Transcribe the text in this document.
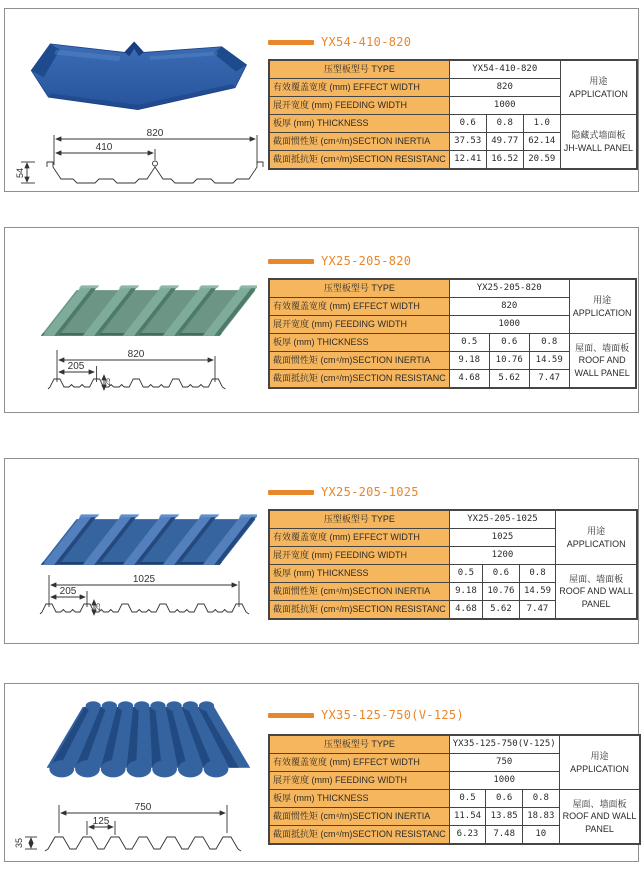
820
410
54
YX54-410-820
压型板型号 TYPE	YX54-410-820			用途
APPLICATION

有效覆盖宽度 (mm) EFFECT WIDTH	820			
展开宽度 (mm) FEEDING WIDTH	1000			
板厚 (mm) THICKNESS	0.6	0.8	1.0	隐藏式墙面板
JH-WALL PANEL

截面惯性矩 (cm⁴/m)SECTION INERTIA	37.53	49.77	62.14	
截面抵抗矩 (cm⁴/m)SECTION RESISTANC	12.41	16.52	20.59	
820
205
25
YX25-205-820
压型板型号 TYPE	YX25-205-820			用途
APPLICATION

有效覆盖宽度 (mm) EFFECT WIDTH	820			
展开宽度 (mm) FEEDING WIDTH	1000			
板厚 (mm) THICKNESS	0.5	0.6	0.8	屋面、墙面板
ROOF AND
WALL PANEL

截面惯性矩 (cm⁴/m)SECTION INERTIA	9.18	10.76	14.59	
截面抵抗矩 (cm⁴/m)SECTION RESISTANC	4.68	5.62	7.47	
1025
205
25
YX25-205-1025
压型板型号 TYPE	YX25-205-1025			用途
APPLICATION

有效覆盖宽度 (mm) EFFECT WIDTH	1025			
展开宽度 (mm) FEEDING WIDTH	1200			
板厚 (mm) THICKNESS	0.5	0.6	0.8	屋面、墙面板
ROOF AND WALL
PANEL

截面惯性矩 (cm⁴/m)SECTION INERTIA	9.18	10.76	14.59	
截面抵抗矩 (cm⁴/m)SECTION RESISTANC	4.68	5.62	7.47	
750
125
35
YX35-125-750(V-125)
压型板型号 TYPE	YX35-125-750(V-125)			用途
APPLICATION

有效覆盖宽度 (mm) EFFECT WIDTH	750			
展开宽度 (mm) FEEDING WIDTH	1000			
板厚 (mm) THICKNESS	0.5	0.6	0.8	屋面、墙面板
ROOF AND WALL
PANEL

截面惯性矩 (cm⁴/m)SECTION INERTIA	11.54	13.85	18.83	
截面抵抗矩 (cm⁴/m)SECTION RESISTANC	6.23	7.48	10	
